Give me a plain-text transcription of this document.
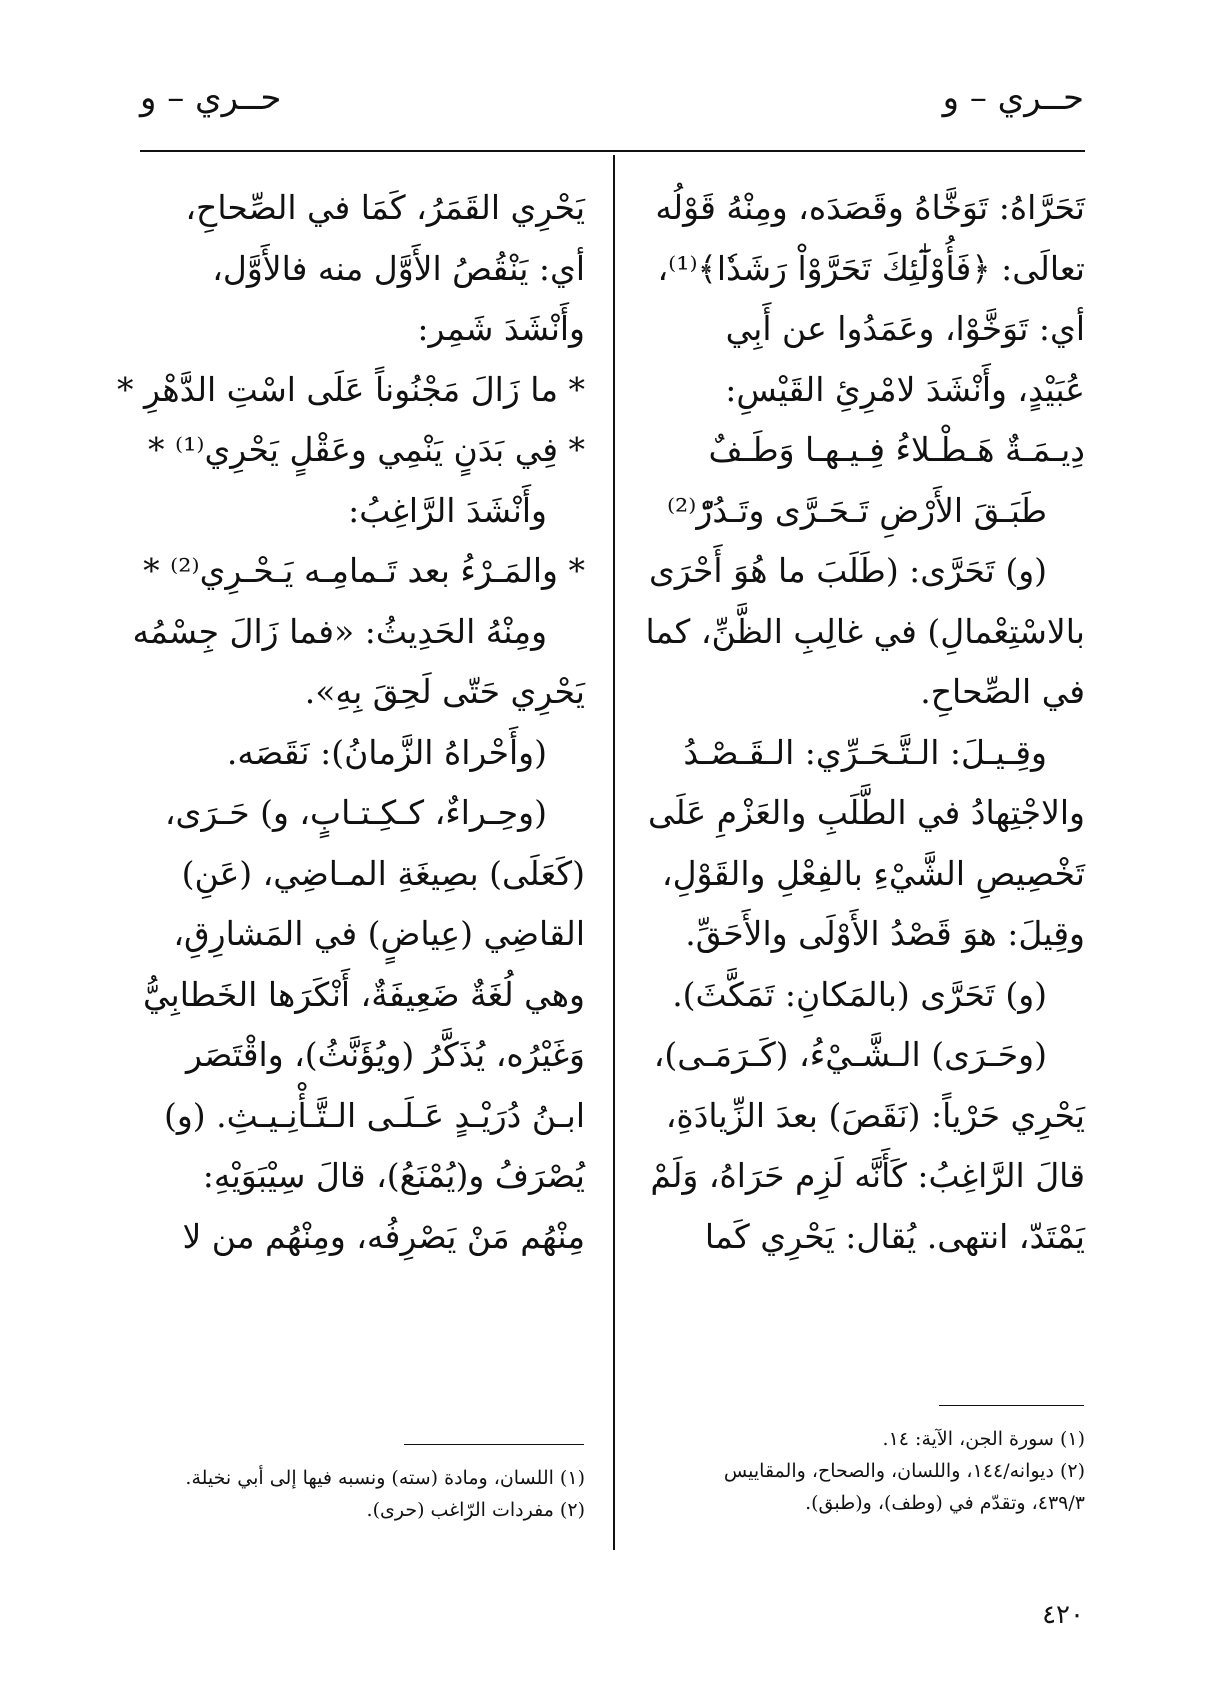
حــري – و
حــري – و
تَحَرَّاهُ: تَوَخَّاهُ وقَصَدَه، ومِنْهُ قَوْلُه
تعالَى: ﴿فَأُوْلَٰٓئِكَ تَحَرَّوْاْ رَشَدٗا﴾⁽¹⁾،
أي: تَوَخَّوْا، وعَمَدُوا عن أَبِي
عُبَيْدٍ، وأَنْشَدَ لامْرِئِ القَيْسِ:
دِيـمَـةٌ هَـطْـلاءُ فِـيـهـا وَطَـفٌ
طَبَـقَ الأَرْضِ تَـحَـرَّى وتَـدُرّْ⁽²⁾
(و) تَحَرَّى: (طَلَبَ ما هُوَ أَحْرَى
بالاسْتِعْمالِ) في غالِبِ الظَّنِّ، كما
في الصِّحاحِ.
وقِـيـلَ: الـتَّـحَـرِّي: الـقَـصْـدُ
والاجْتِهادُ في الطَّلَبِ والعَزْمِ عَلَى
تَخْصِيصِ الشَّيْءِ بالفِعْلِ والقَوْلِ،
وقِيلَ: هوَ قَصْدُ الأَوْلَى والأَحَقِّ.
(و) تَحَرَّى (بالمَكانِ: تَمَكَّثَ).
(وحَـرَى) الـشَّـيْءُ، (كَـرَمَـى)،
يَحْرِي حَرْياً: (نَقَصَ) بعدَ الزِّيادَةِ،
قالَ الرَّاغِبُ: كَأَنَّه لَزِم حَرَاهُ، وَلَمْ
يَمْتَدّ، انتهى. يُقال: يَحْرِي كَما
يَحْرِي القَمَرُ، كَمَا في الصِّحاحِ،
أي: يَنْقُصُ الأَوَّل منه فالأَوَّل،
وأَنْشَدَ شَمِر:
* ما زَالَ مَجْنُوناً عَلَى اسْتِ الدَّهْرِ *
* فِي بَدَنٍ يَنْمِي وعَقْلٍ يَحْرِي⁽¹⁾ *
وأَنْشَدَ الرَّاغِبُ:
* والمَـرْءُ بعد تَـمامِـه يَـحْـرِي⁽²⁾ *
ومِنْهُ الحَدِيثُ: «فما زَالَ جِسْمُه
يَحْرِي حَتّى لَحِقَ بِهِ».
(وأَحْراهُ الزَّمانُ): نَقَصَه.
(وحِـراءٌ، كـكِـتـابٍ، و) حَـرَى،
(كَعَلَى) بصِيغَةِ المـاضِي، (عَنِ)
القاضِي (عِياضٍ) في المَشارِقِ،
وهي لُغَةٌ ضَعِيفَةٌ، أَنْكَرَها الخَطابِيُّ
وَغَيْرُه، يُذَكَّرُ (ويُؤَنَّثُ)، واقْتَصَر
ابـنُ دُرَيْـدٍ عَـلَـى الـتَّـأْنِـيـثِ. (و)
يُصْرَفُ و(يُمْنَعُ)، قالَ سِيْبَوَيْهِ:
مِنْهُم مَنْ يَصْرِفُه، ومِنْهُم من لا
(١) سورة الجن، الآية: ١٤.
(٢) ديوانه/١٤٤، واللسان، والصحاح، والمقاييس
٤٣٩/٣، وتقدّم في (وطف)، و(طبق).
(١) اللسان، ومادة (سته) ونسبه فيها إلى أبي نخيلة.
(٢) مفردات الرّاغب (حرى).
٤٢٠
